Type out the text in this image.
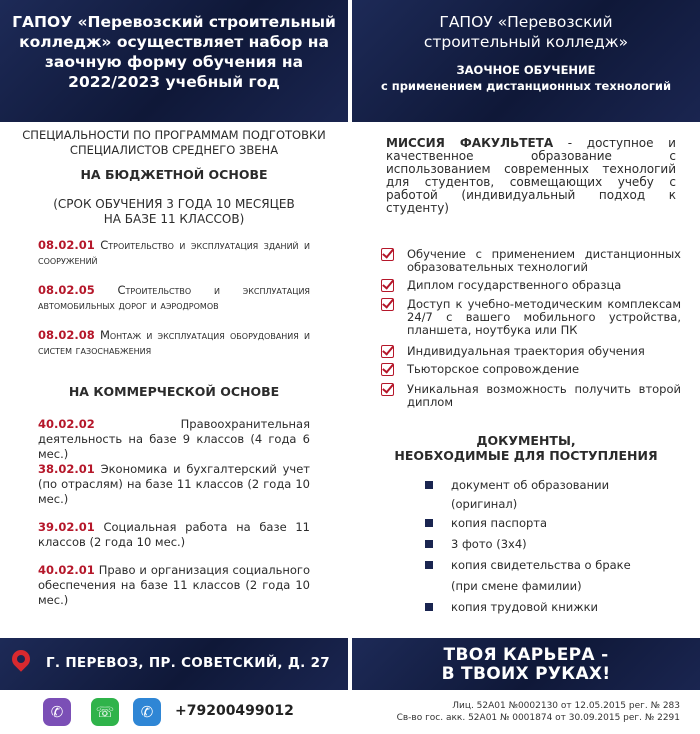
ГАПОУ «Перевозский строительный
колледж» осуществляет набор на
заочную форму обучения на
2022/2023 учебный год
ГАПОУ «Перевозский
строительный колледж»
ЗАОЧНОЕ ОБУЧЕНИЕ
с применением дистанционных технологий
СПЕЦИАЛЬНОСТИ ПО ПРОГРАММАМ ПОДГОТОВКИ
СПЕЦИАЛИСТОВ СРЕДНЕГО ЗВЕНА
НА БЮДЖЕТНОЙ ОСНОВЕ
(СРОК ОБУЧЕНИЯ 3 ГОДА 10 МЕСЯЦЕВ
НА БАЗЕ 11 КЛАССОВ)
08.02.01 Строительство и эксплуатация зданий и сооружений
08.02.05 Строительство и эксплуатация автомобильных дорог и аэродромов
08.02.08 Монтаж и эксплуатация оборудования и систем газоснабжения
НА КОММЕРЧЕСКОЙ ОСНОВЕ
40.02.02	Правоохранительная деятельность на базе 9 классов (4 года 6 мес.)
38.02.01 Экономика и бухгалтерский учет (по отраслям) на базе 11 классов (2 года 10 мес.)
39.02.01 Социальная работа на базе 11 классов (2 года 10 мес.)
40.02.01 Право и организация социального обеспечения на базе 11 классов (2 года 10 мес.)
МИССИЯ ФАКУЛЬТЕТА - доступное и качественное образование с использованием современных технологий для студентов, совмещающих учебу с работой (индивидуальный подход к студенту)
Обучение с применением дистанционных образовательных технологий
Диплом государственного образца
Доступ к учебно-методическим комплексам 24/7 с вашего мобильного устройства, планшета, ноутбука или ПК
Индивидуальная траектория обучения
Тьюторское сопровождение
Уникальная возможность получить второй диплом
ДОКУМЕНТЫ,
НЕОБХОДИМЫЕ ДЛЯ ПОСТУПЛЕНИЯ
документ об образовании
(оригинал)
копия паспорта
3 фото (3х4)
копия свидетельства о браке
(при смене фамилии)
копия трудовой книжки
Г. ПЕРЕВОЗ, ПР. СОВЕТСКИЙ, Д. 27	ТВОЯ КАРЬЕРА -
В ТВОИХ РУКАХ!
✆	☏	✆	+79200499012	Лиц. 52А01 №0002130 от 12.05.2015 рег. № 283
Св-во гос. акк. 52А01 № 0001874 от 30.09.2015 рег. № 2291
